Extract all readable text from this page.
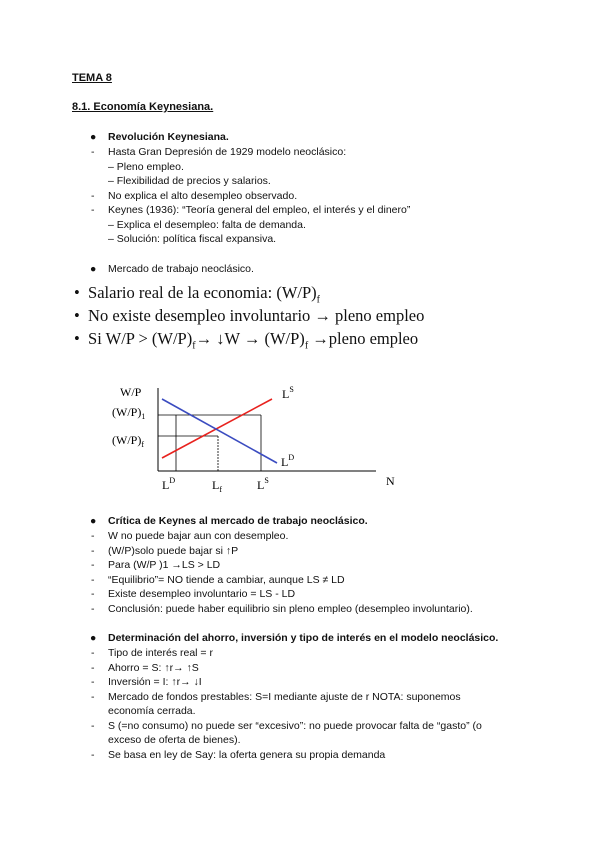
TEMA 8
8.1. Economía Keynesiana.
● Revolución Keynesiana.
- Hasta Gran Depresión de 1929 modelo neoclásico:
– Pleno empleo.
– Flexibilidad de precios y salarios.
- No explica el alto desempleo observado.
- Keynes (1936): “Teoría general del empleo, el interés y el dinero”
– Explica el desempleo: falta de demanda.
– Solución: política fiscal expansiva.
● Mercado de trabajo neoclásico.
•  Salario real de la economia: $(W/P)_f$
•  No existe desempleo involuntario → pleno empleo
•  Si $W/P > (W/P)_f\to$ ↓W → $(W/P)_f$ →pleno empleo
W/P
N
$(W/P)_1$
$(W/P)_f$
$L^S$
$L^D$
$L^D$	$L_f$	$L^S$
● Crítica de Keynes al mercado de trabajo neoclásico.
- W no puede bajar aun con desempleo.
- (W/P)solo puede bajar si ↑P
- Para (W/P )1 →LS > LD
- “Equilibrio”= NO tiende a cambiar, aunque LS ≠ LD
- Existe desempleo involuntario = LS - LD
- Conclusión: puede haber equilibrio sin pleno empleo (desempleo involuntario).
● Determinación del ahorro, inversión y tipo de interés en el modelo neoclásico.
- Tipo de interés real = r
- Ahorro = S: ↑r→ ↑S
- Inversión = I: ↑r→ ↓I
- Mercado de fondos prestables: S=I mediante ajuste de r NOTA: suponemos
economía cerrada.
- S (=no consumo) no puede ser “excesivo”: no puede provocar falta de “gasto” (o
exceso de oferta de bienes).
- Se basa en ley de Say: la oferta genera su propia demanda
